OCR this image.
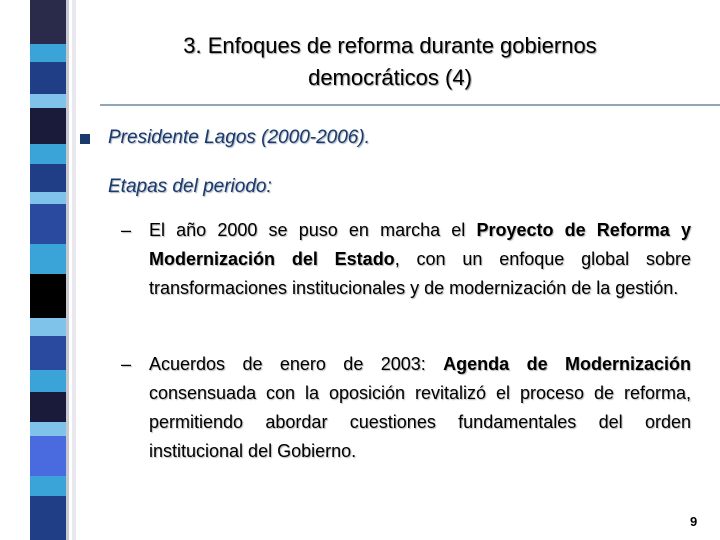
3. Enfoques de reforma durante gobiernos
democráticos (4)
Presidente Lagos (2000-2006).
Etapas del periodo:
– El año 2000 se puso en marcha el Proyecto de Reforma y Modernización del Estado, con un enfoque global sobre transformaciones institucionales y de modernización de la gestión.
– Acuerdos de enero de 2003: Agenda de Modernización consensuada con la oposición revitalizó el proceso de reforma, permitiendo abordar cuestiones fundamentales del orden institucional del Gobierno.
9
